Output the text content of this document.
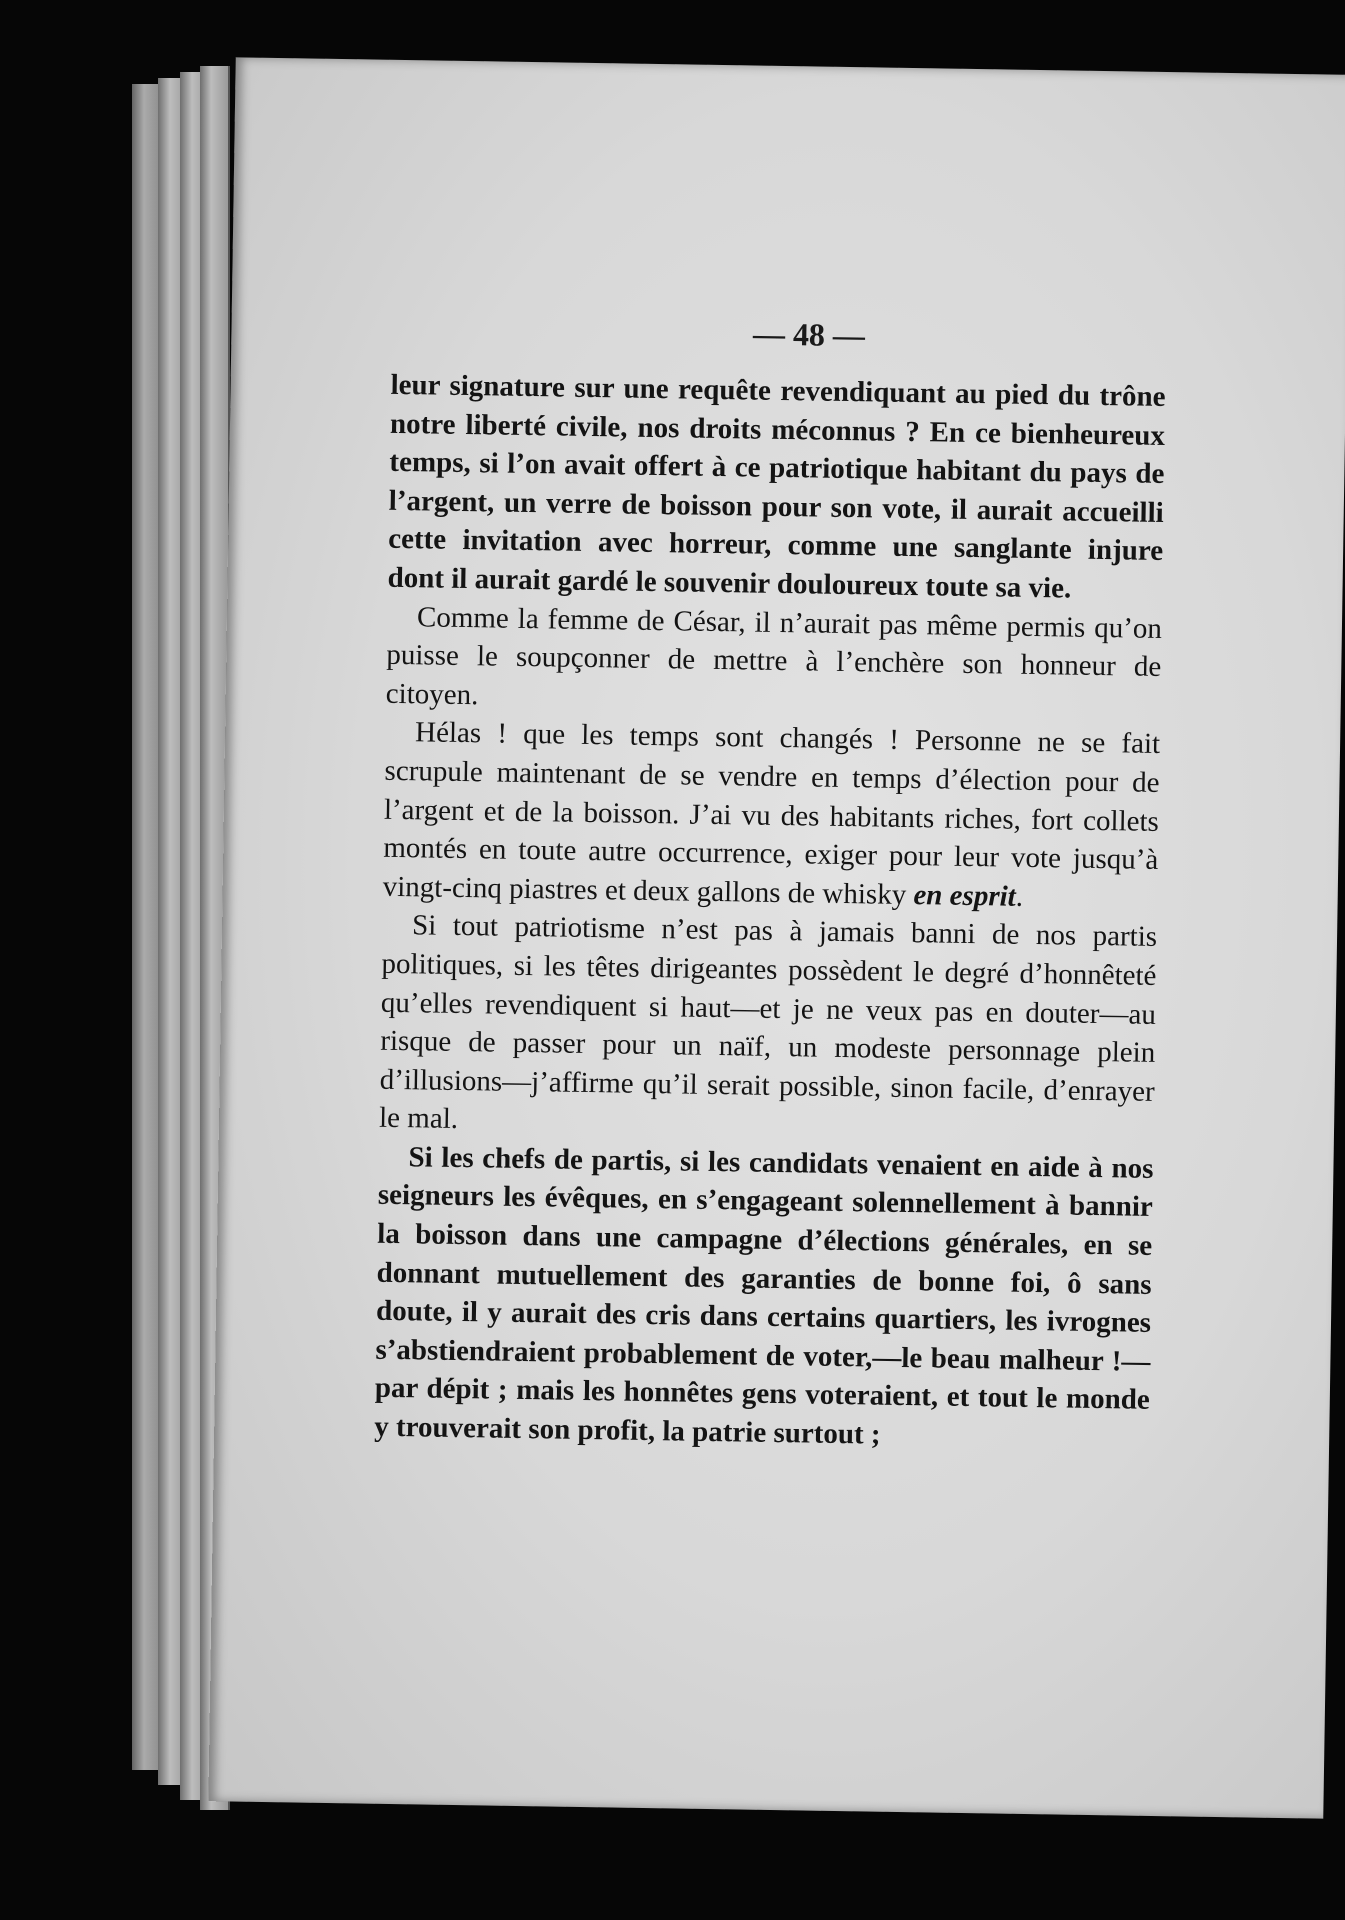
— 48 —

leur signature sur une requête revendiquant au pied du trône notre liberté civile, nos droits méconnus ? En ce bienheureux temps, si l’on avait offert à ce patriotique habitant du pays de l’argent, un verre de boisson pour son vote, il aurait accueilli cette invitation avec horreur, comme une sanglante injure dont il aurait gardé le souvenir douloureux toute sa vie.

Comme la femme de César, il n’aurait pas même permis qu’on puisse le soupçonner de mettre à l’enchère son honneur de citoyen.

Hélas ! que les temps sont changés ! Personne ne se fait scrupule maintenant de se vendre en temps d’élection pour de l’argent et de la boisson. J’ai vu des habitants riches, fort collets montés en toute autre occurrence, exiger pour leur vote jusqu’à vingt-cinq piastres et deux gallons de whisky en esprit.

Si tout patriotisme n’est pas à jamais banni de nos partis politiques, si les têtes dirigeantes possèdent le degré d’honnêteté qu’elles revendiquent si haut—et je ne veux pas en douter—au risque de passer pour un naïf, un modeste personnage plein d’illusions—j’affirme qu’il serait possible, sinon facile, d’enrayer le mal.

Si les chefs de partis, si les candidats venaient en aide à nos seigneurs les évêques, en s’engageant solennellement à bannir la boisson dans une campagne d’élections générales, en se donnant mutuellement des garanties de bonne foi, ô sans doute, il y aurait des cris dans certains quartiers, les ivrognes s’abstiendraient probablement de voter,—le beau malheur !—par dépit ; mais les honnêtes gens voteraient, et tout le monde y trouverait son profit, la patrie surtout ;
